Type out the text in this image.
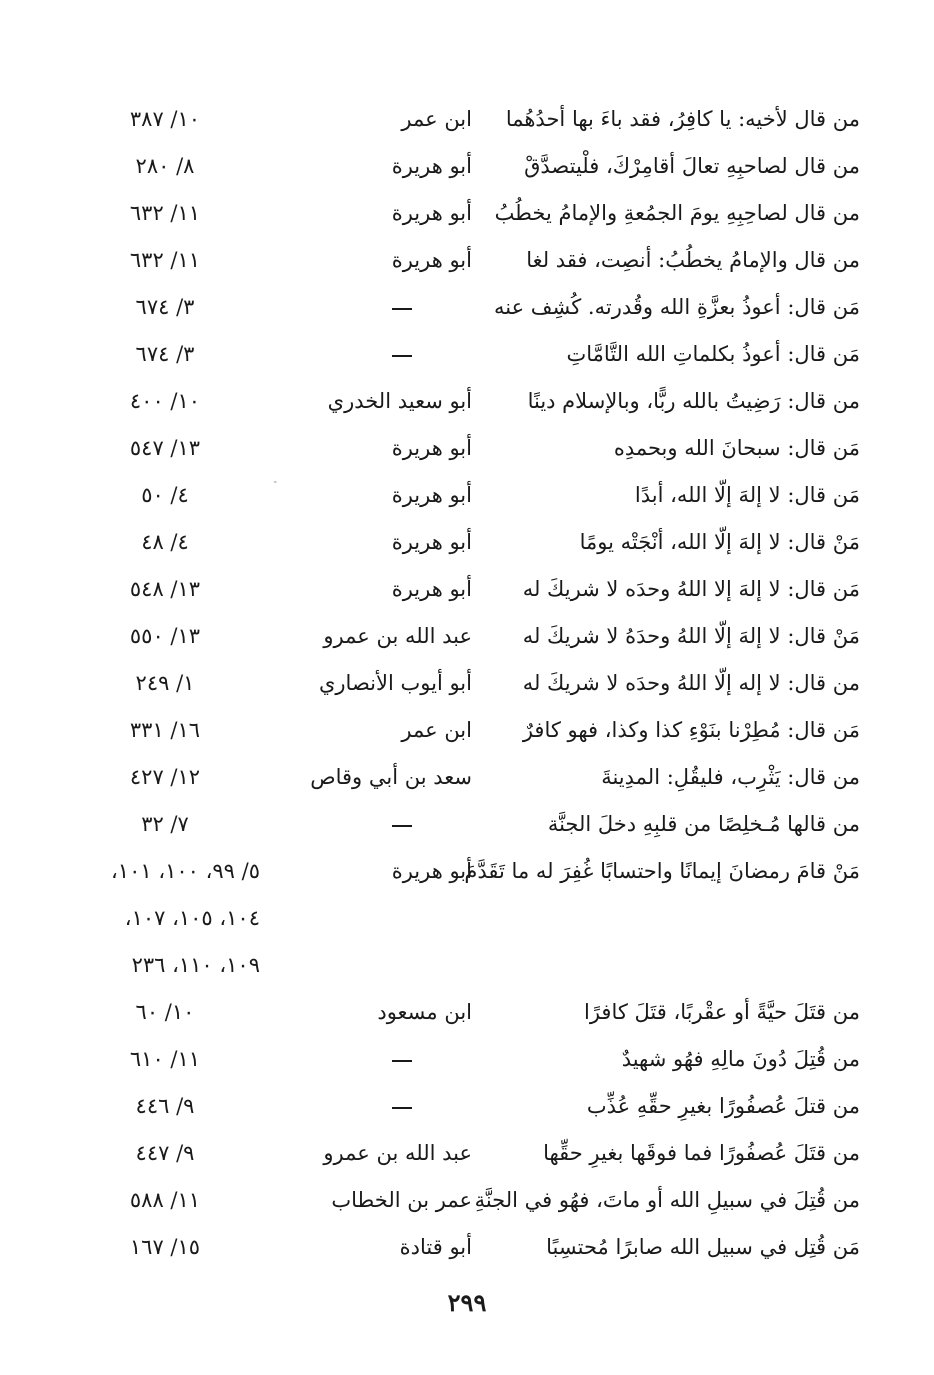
من قال لأخيه: يا كافِرُ، فقد باءَ بها أحدُهُما
ابن عمر
١٠/ ٣٨٧
من قال لصاحبِهِ تعالَ أقامِرْكَ، فلْيتصدَّقْ
أبو هريرة
٨/ ٢٨٠
من قال لصاحِبِهِ يومَ الجمُعةِ والإمامُ يخطُبُ
أبو هريرة
١١/ ٦٣٢
من قال والإمامُ يخطُبُ: أنصِت، فقد لغا
أبو هريرة
١١/ ٦٣٢
مَن قال: أعوذُ بعزَّةِ الله وقُدرته. كُشِف عنه
٣/ ٦٧٤
مَن قال: أعوذُ بكلماتِ الله التَّامَّاتِ
٣/ ٦٧٤
من قال: رَضِيتُ بالله ربًّا، وبالإسلام دينًا
أبو سعيد الخدري
١٠/ ٤٠٠
مَن قال: سبحانَ الله وبحمدِه
أبو هريرة
١٣/ ٥٤٧
مَن قال: لا إلهَ إلّا الله، أبدًا
أبو هريرة
٤/ ٥٠
مَنْ قال: لا إلهَ إلّا الله، أنْجَتْه يومًا
أبو هريرة
٤/ ٤٨
مَن قال: لا إلهَ إلا اللهُ وحدَه لا شريكَ له
أبو هريرة
١٣/ ٥٤٨
مَنْ قال: لا إلهَ إلّا اللهُ وحدَهُ لا شريكَ له
عبد الله بن عمرو
١٣/ ٥٥٠
من قال: لا إله إلّا اللهُ وحدَه لا شريكَ له
أبو أيوب الأنصاري
١/ ٢٤٩
مَن قال: مُطِرْنا بنَوْءِ كذا وكذا، فهو كافرٌ
ابن عمر
١٦/ ٣٣١
من قال: يَثْرِب، فليقُلِ: المدِينةَ
سعد بن أبي وقاص
١٢/ ٤٢٧
من قالها مُـخلِصًا من قلبِهِ دخلَ الجنَّة
٧/ ٣٢
مَنْ قامَ رمضانَ إيمانًا واحتسابًا غُفِرَ له ما تَقَدَّمَ
أبو هريرة
٥/ ٩٩، ١٠٠، ١٠١،
١٠٤، ١٠٥، ١٠٧،
١٠٩، ١١٠، ٢٣٦
من قتَلَ حيَّةً أو عقْربًا، قتَلَ كافرًا
ابن مسعود
١٠/ ٦٠
من قُتِلَ دُونَ مالِهِ فهُو شهيدٌ
١١/ ٦١٠
من قتلَ عُصفُورًا بغيرِ حقِّهِ عُذِّب
٩/ ٤٤٦
من قتَلَ عُصفُورًا فما فوقَها بغيرِ حقِّها
عبد الله بن عمرو
٩/ ٤٤٧
من قُتِلَ في سبيلِ الله أو ماتَ، فهُو في الجنَّةِ
عمر بن الخطاب
١١/ ٥٨٨
مَن قُتِل في سبيل الله صابرًا مُحتسِبًا
أبو قتادة
١٥/ ١٦٧
٢٩٩
